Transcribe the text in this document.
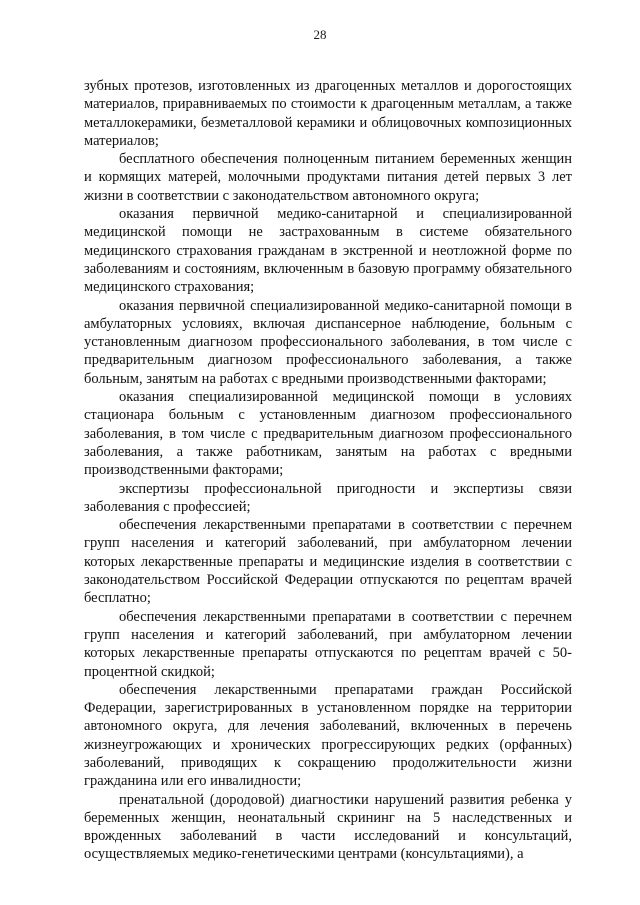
28

зубных протезов, изготовленных из драгоценных металлов и дорогостоящих материалов, приравниваемых по стоимости к драгоценным металлам, а также металлокерамики, безметалловой керамики и облицовочных композиционных материалов;

бесплатного обеспечения полноценным питанием беременных женщин и кормящих матерей, молочными продуктами питания детей первых 3 лет жизни в соответствии с законодательством автономного округа;

оказания первичной медико-санитарной и специализированной медицинской помощи не застрахованным в системе обязательного медицинского страхования гражданам в экстренной и неотложной форме по заболеваниям и состояниям, включенным в базовую программу обязательного медицинского страхования;

оказания первичной специализированной медико-санитарной помощи в амбулаторных условиях, включая диспансерное наблюдение, больным с установленным диагнозом профессионального заболевания, в том числе с предварительным диагнозом профессионального заболевания, а также больным, занятым на работах с вредными производственными факторами;

оказания специализированной медицинской помощи в условиях стационара больным с установленным диагнозом профессионального заболевания, в том числе с предварительным диагнозом профессионального заболевания, а также работникам, занятым на работах с вредными производственными факторами;

экспертизы профессиональной пригодности и экспертизы связи заболевания с профессией;

обеспечения лекарственными препаратами в соответствии с перечнем групп населения и категорий заболеваний, при амбулаторном лечении которых лекарственные препараты и медицинские изделия в соответствии с законодательством Российской Федерации отпускаются по рецептам врачей бесплатно;

обеспечения лекарственными препаратами в соответствии с перечнем групп населения и категорий заболеваний, при амбулаторном лечении которых лекарственные препараты отпускаются по рецептам врачей с 50-процентной скидкой;

обеспечения лекарственными препаратами граждан Российской Федерации, зарегистрированных в установленном порядке на территории автономного округа, для лечения заболеваний, включенных в перечень жизнеугрожающих и хронических прогрессирующих редких (орфанных) заболеваний, приводящих к сокращению продолжительности жизни гражданина или его инвалидности;

пренатальной (дородовой) диагностики нарушений развития ребенка у беременных женщин, неонатальный скрининг на 5 наследственных и врожденных заболеваний в части исследований и консультаций, осуществляемых медико-генетическими центрами (консультациями), а
